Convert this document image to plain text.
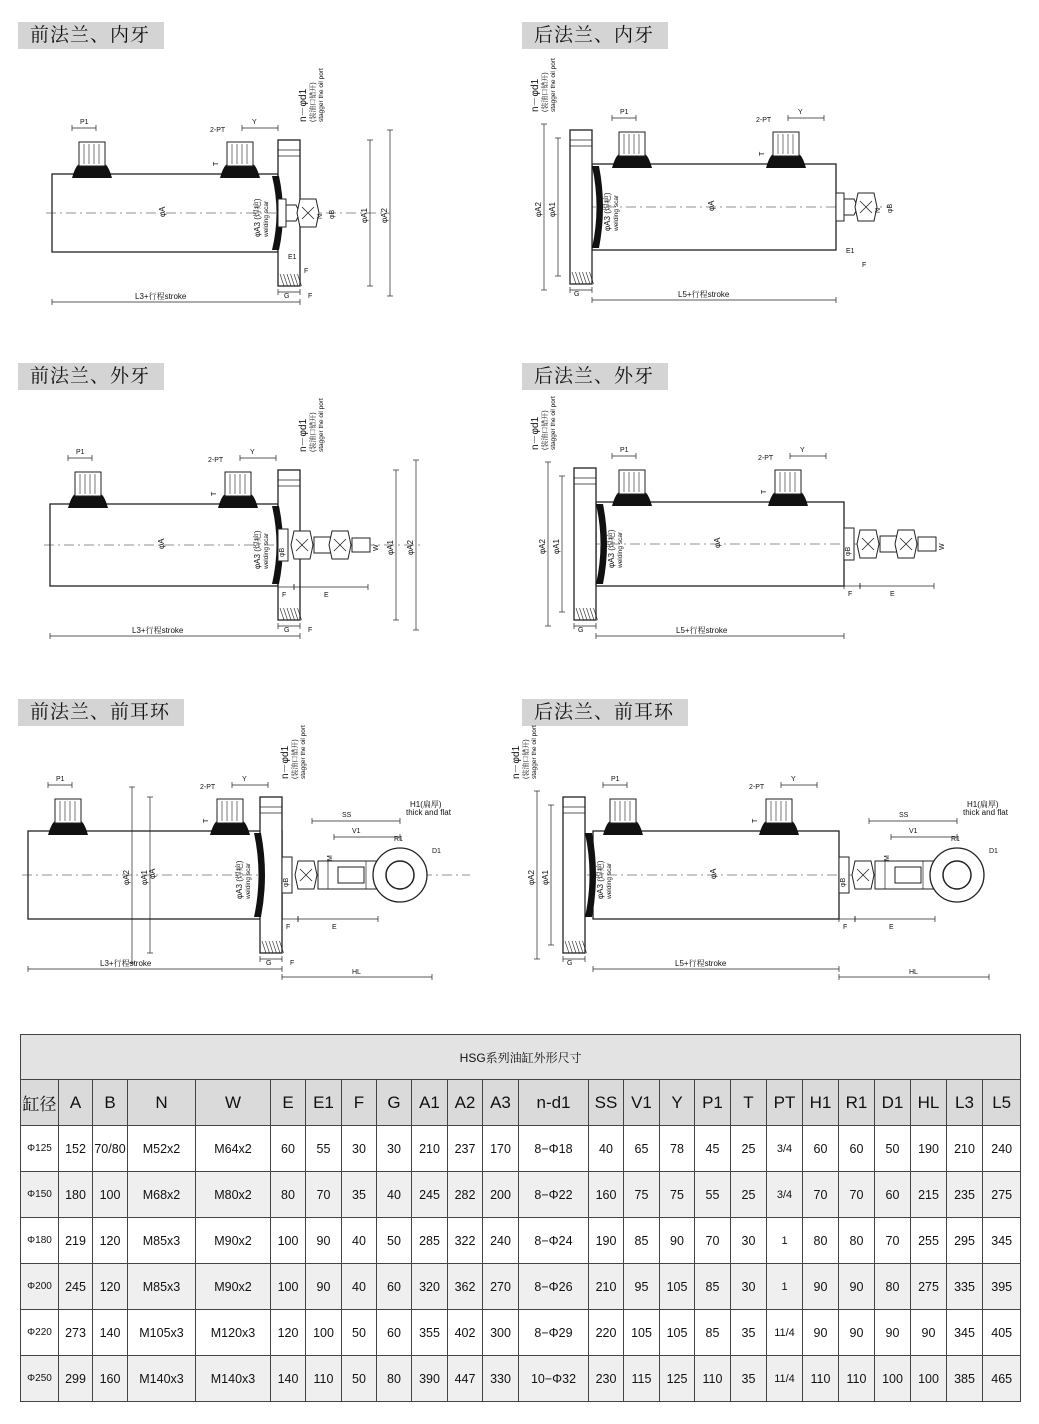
前法兰、内牙	后法兰、内牙
前法兰、外牙	后法兰、外牙
前法兰、前耳环	后法兰、前耳环
P1
2-PT
Y
T
φA
n－φd1 (装油口错开) stagger the oil port
φA3 (焊疤) welding scar	φA1 φA2
N φB
E1
F
L3+行程stroke	G	F
P1
2-PT
Y
T
φA
n－φd1 (装油口错开) stagger the oil port
φA3 (焊疤) welding scar
φA1
φA2	N φB
E1
F
L5+行程stroke
G
P1
2-PT
Y
T
φA
n－φd1 (装油口错开) stagger the oil port
φA3 (焊疤) welding scar	φA1 φA2
W
φB
F	E
L3+行程stroke	G	F
P1
2-PT
Y
T
φA
n－φd1 (装油口错开) stagger the oil port
φA3 (焊疤) welding scar
φA1
φA2	W
φB
F	E
L5+行程stroke
G
P1
2-PT
Y
T
φA
n－φd1 (装油口错开) stagger the oil port
φA3 (焊疤) welding scar
φA1
φA2	φB
SS
V1
H1(扁厚)
thick and flat
R1
D1
M
F	E
HL
L3+行程stroke	G	F
P1
2-PT
Y
T
φA
n－φd1 (装油口错开) stagger the oil port
φA3 (焊疤) welding scar
φA1
φA2	φB
SS
V1
H1(扁厚)
thick and flat
R1
D1
M
F	E
HL
L5+行程stroke
G
HSG系列油缸外形尺寸																								
缸径	A	B	N	W	E	E1	F	G	A1	A2	A3	n-d1	SS	V1	Y	P1	T	PT	H1	R1	D1	HL	L3	L5
Φ125	152	70/80	M52x2	M64x2	60	55	30	30	210	237	170	8−Φ18	40	65	78	45	25	3/4	60	60	50	190	210	240
Φ150	180	100	M68x2	M80x2	80	70	35	40	245	282	200	8−Φ22	160	75	75	55	25	3/4	70	70	60	215	235	275
Φ180	219	120	M85x3	M90x2	100	90	40	50	285	322	240	8−Φ24	190	85	90	70	30	1	80	80	70	255	295	345
Φ200	245	120	M85x3	M90x2	100	90	40	60	320	362	270	8−Φ26	210	95	105	85	30	1	90	90	80	275	335	395
Φ220	273	140	M105x3	M120x3	120	100	50	60	355	402	300	8−Φ29	220	105	105	85	35	11/4	90	90	90	90	345	405
Φ250	299	160	M140x3	M140x3	140	110	50	80	390	447	330	10−Φ32	230	115	125	110	35	11/4	110	110	100	100	385	465
